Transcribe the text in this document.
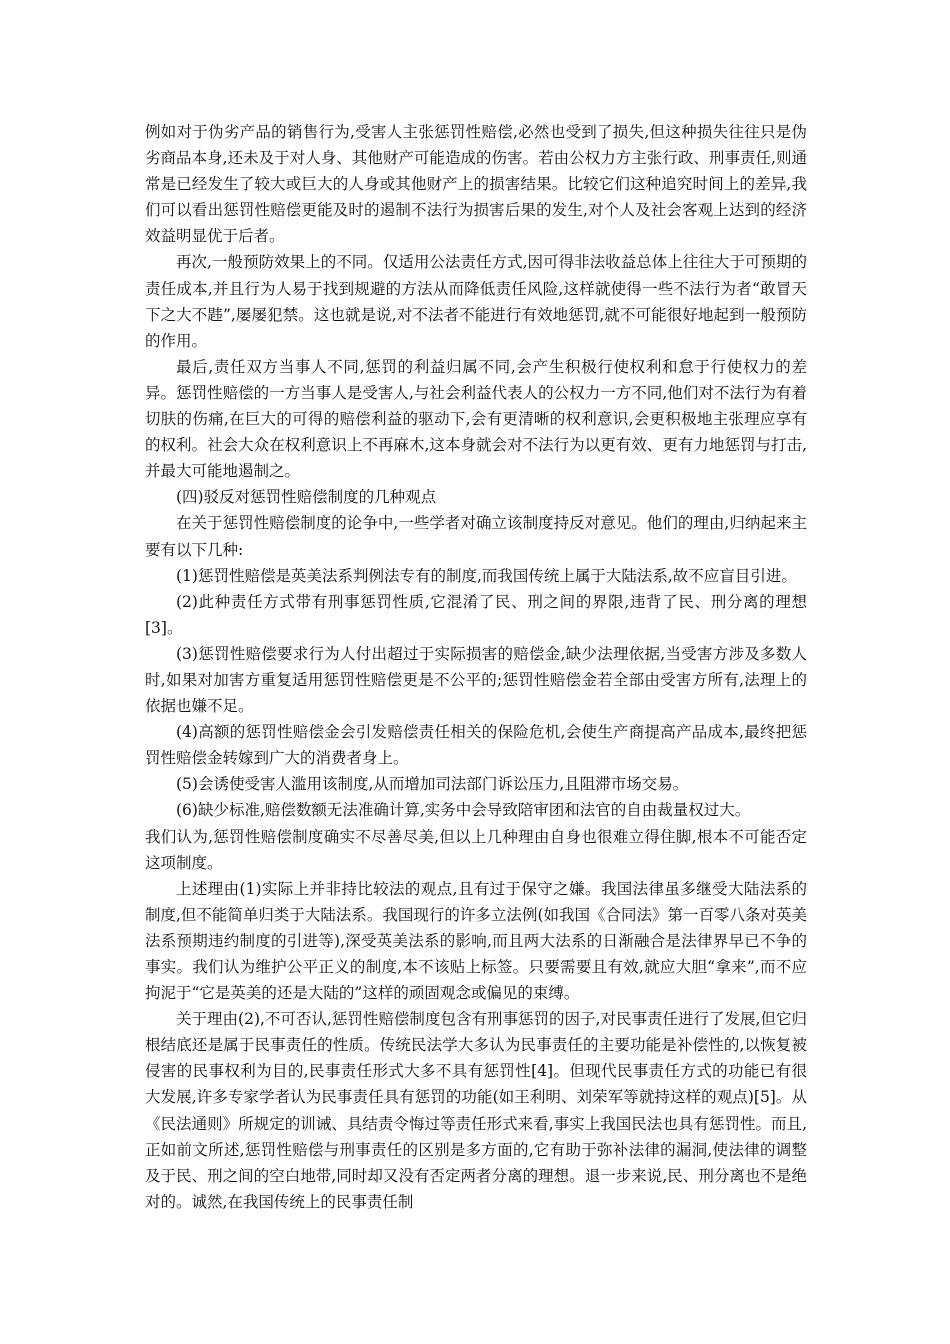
例如对于伪劣产品的销售行为,受害人主张惩罚性赔偿,必然也受到了损失,但这种损失往往只是伪劣商品本身,还未及于对人身、其他财产可能造成的伤害。若由公权力方主张行政、刑事责任,则通常是已经发生了较大或巨大的人身或其他财产上的损害结果。比较它们这种追究时间上的差异,我们可以看出惩罚性赔偿更能及时的遏制不法行为损害后果的发生,对个人及社会客观上达到的经济效益明显优于后者。

再次,一般预防效果上的不同。仅适用公法责任方式,因可得非法收益总体上往往大于可预期的责任成本,并且行为人易于找到规避的方法从而降低责任风险,这样就使得一些不法行为者“敢冒天下之大不韪”,屡屡犯禁。这也就是说,对不法者不能进行有效地惩罚,就不可能很好地起到一般预防的作用。

最后,责任双方当事人不同,惩罚的利益归属不同,会产生积极行使权利和怠于行使权力的差异。惩罚性赔偿的一方当事人是受害人,与社会利益代表人的公权力一方不同,他们对不法行为有着切肤的伤痛,在巨大的可得的赔偿利益的驱动下,会有更清晰的权利意识,会更积极地主张理应享有的权利。社会大众在权利意识上不再麻木,这本身就会对不法行为以更有效、更有力地惩罚与打击,并最大可能地遏制之。

(四)驳反对惩罚性赔偿制度的几种观点

在关于惩罚性赔偿制度的论争中,一些学者对确立该制度持反对意见。他们的理由,归纳起来主要有以下几种:

(1)惩罚性赔偿是英美法系判例法专有的制度,而我国传统上属于大陆法系,故不应盲目引进。

(2)此种责任方式带有刑事惩罚性质,它混淆了民、刑之间的界限,违背了民、刑分离的理想[3]。

(3)惩罚性赔偿要求行为人付出超过于实际损害的赔偿金,缺少法理依据,当受害方涉及多数人时,如果对加害方重复适用惩罚性赔偿更是不公平的;惩罚性赔偿金若全部由受害方所有,法理上的依据也嫌不足。

(4)高额的惩罚性赔偿金会引发赔偿责任相关的保险危机,会使生产商提高产品成本,最终把惩罚性赔偿金转嫁到广大的消费者身上。

(5)会诱使受害人滥用该制度,从而增加司法部门诉讼压力,且阻滞市场交易。

(6)缺少标准,赔偿数额无法准确计算,实务中会导致陪审团和法官的自由裁量权过大。

我们认为,惩罚性赔偿制度确实不尽善尽美,但以上几种理由自身也很难立得住脚,根本不可能否定这项制度。

上述理由(1)实际上并非持比较法的观点,且有过于保守之嫌。我国法律虽多继受大陆法系的制度,但不能简单归类于大陆法系。我国现行的许多立法例(如我国《合同法》第一百零八条对英美法系预期违约制度的引进等),深受英美法系的影响,而且两大法系的日渐融合是法律界早已不争的事实。我们认为维护公平正义的制度,本不该贴上标签。只要需要且有效,就应大胆“拿来”,而不应拘泥于“它是英美的还是大陆的”这样的顽固观念或偏见的束缚。

关于理由(2),不可否认,惩罚性赔偿制度包含有刑事惩罚的因子,对民事责任进行了发展,但它归根结底还是属于民事责任的性质。传统民法学大多认为民事责任的主要功能是补偿性的,以恢复被侵害的民事权利为目的,民事责任形式大多不具有惩罚性[4]。但现代民事责任方式的功能已有很大发展,许多专家学者认为民事责任具有惩罚的功能(如王利明、刘荣军等就持这样的观点)[5]。从《民法通则》所规定的训诫、具结责令悔过等责任形式来看,事实上我国民法也具有惩罚性。而且,正如前文所述,惩罚性赔偿与刑事责任的区别是多方面的,它有助于弥补法律的漏洞,使法律的调整及于民、刑之间的空白地带,同时却又没有否定两者分离的理想。退一步来说,民、刑分离也不是绝对的。诚然,在我国传统上的民事责任制
